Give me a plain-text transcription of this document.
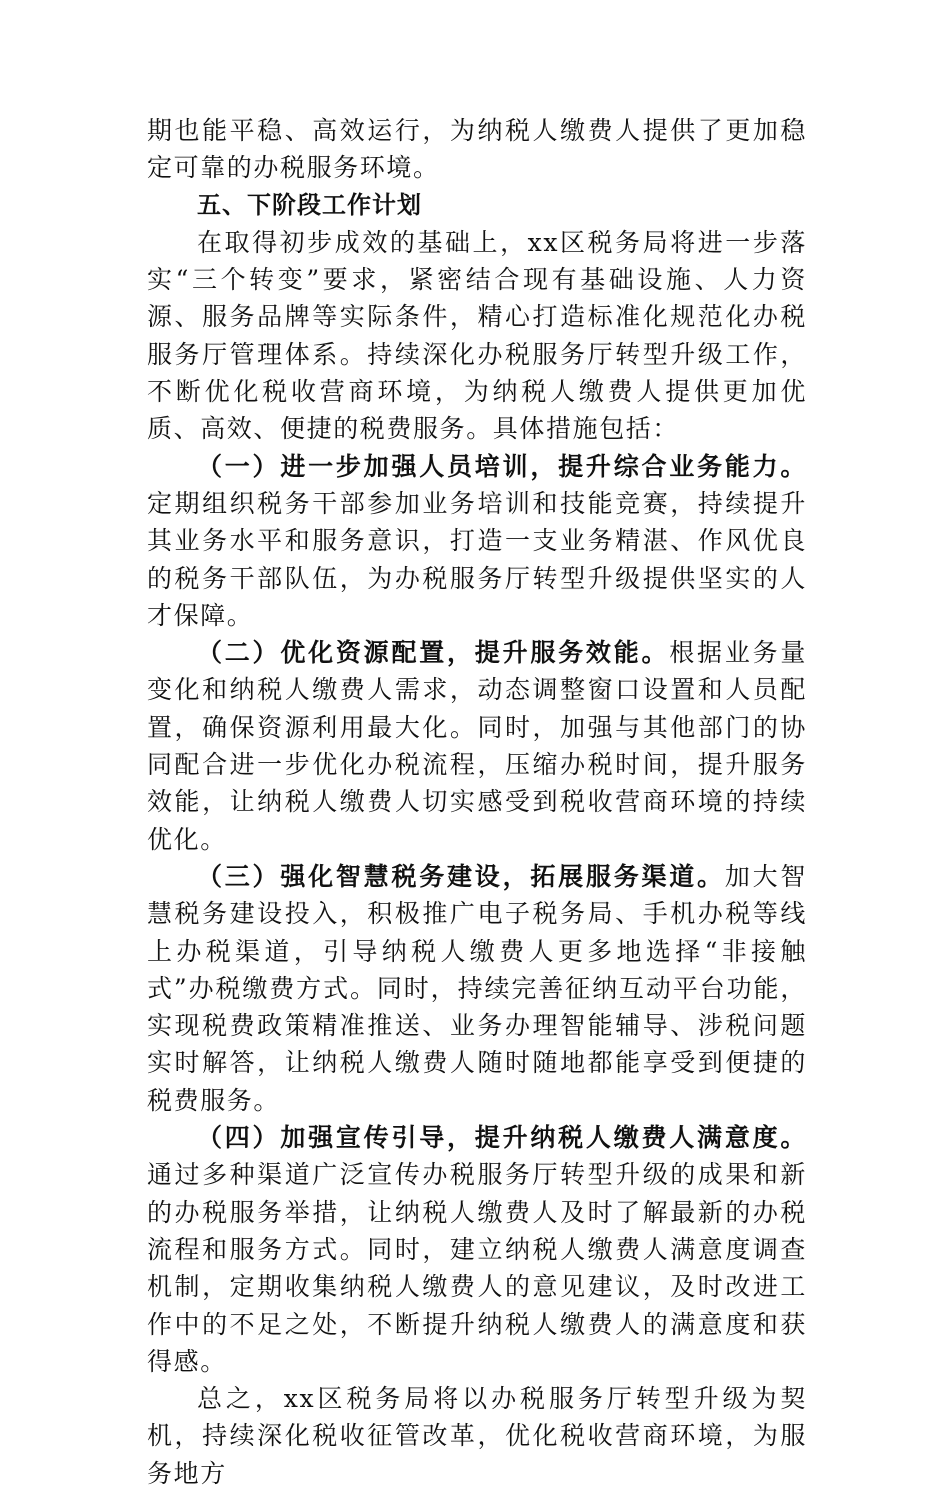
期也能平稳、高效运行，为纳税人缴费人提供了更加稳定可靠的办税服务环境。

五、下阶段工作计划

在取得初步成效的基础上，xx区税务局将进一步落实“三个转变”要求，紧密结合现有基础设施、人力资源、服务品牌等实际条件，精心打造标准化规范化办税服务厅管理体系。持续深化办税服务厅转型升级工作，不断优化税收营商环境，为纳税人缴费人提供更加优质、高效、便捷的税费服务。具体措施包括：

（一）进一步加强人员培训，提升综合业务能力。定期组织税务干部参加业务培训和技能竞赛，持续提升其业务水平和服务意识，打造一支业务精湛、作风优良的税务干部队伍，为办税服务厅转型升级提供坚实的人才保障。

（二）优化资源配置，提升服务效能。根据业务量变化和纳税人缴费人需求，动态调整窗口设置和人员配置，确保资源利用最大化。同时，加强与其他部门的协同配合进一步优化办税流程，压缩办税时间，提升服务效能，让纳税人缴费人切实感受到税收营商环境的持续优化。

（三）强化智慧税务建设，拓展服务渠道。加大智慧税务建设投入，积极推广电子税务局、手机办税等线上办税渠道，引导纳税人缴费人更多地选择“非接触式”办税缴费方式。同时，持续完善征纳互动平台功能，实现税费政策精准推送、业务办理智能辅导、涉税问题实时解答，让纳税人缴费人随时随地都能享受到便捷的税费服务。

（四）加强宣传引导，提升纳税人缴费人满意度。通过多种渠道广泛宣传办税服务厅转型升级的成果和新的办税服务举措，让纳税人缴费人及时了解最新的办税流程和服务方式。同时，建立纳税人缴费人满意度调查机制，定期收集纳税人缴费人的意见建议，及时改进工作中的不足之处，不断提升纳税人缴费人的满意度和获得感。

总之，xx区税务局将以办税服务厅转型升级为契机，持续深化税收征管改革，优化税收营商环境，为服务地方
